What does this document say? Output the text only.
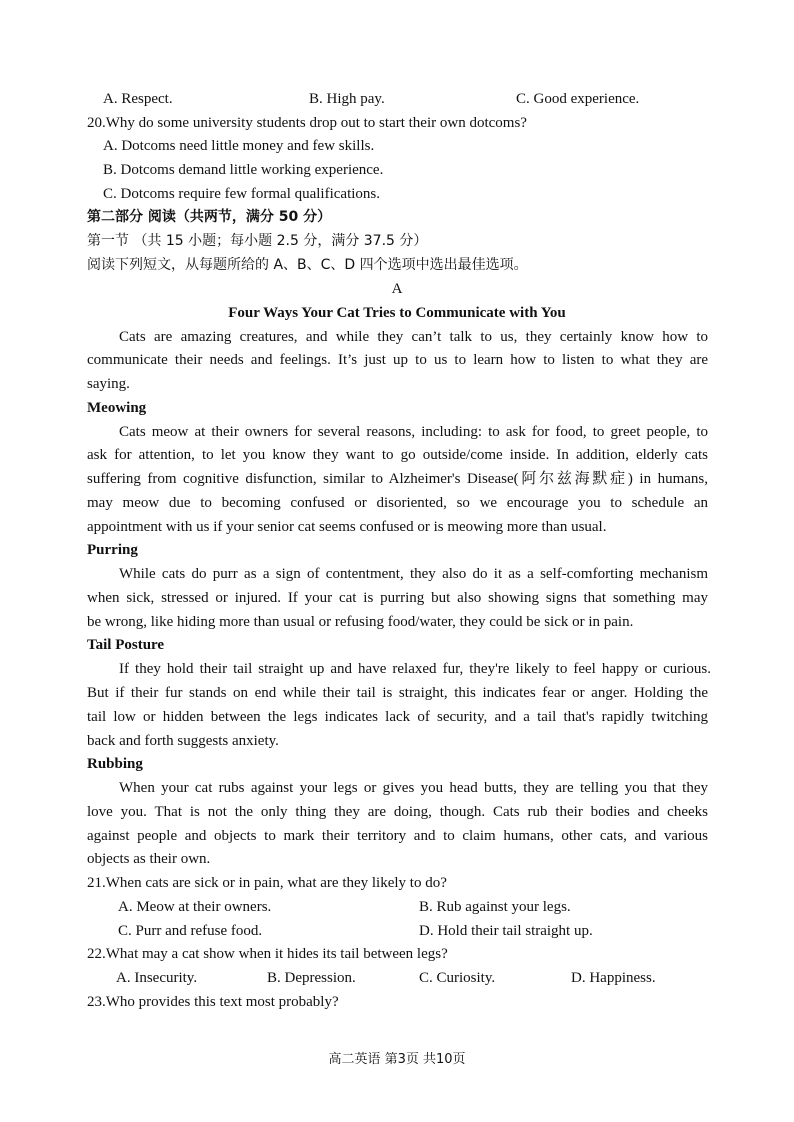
A. Respect.	B. High pay.	C. Good experience.
20.Why do some university students drop out to start their own dotcoms?
A. Dotcoms need little money and few skills.
B. Dotcoms demand little working experience.
C. Dotcoms require few formal qualifications.
第二部分 阅读（共两节，满分 50 分）
第一节 （共 15 小题；每小题 2.5 分，满分 37.5 分）
阅读下列短文，从每题所给的 A、B、C、D 四个选项中选出最佳选项。
A
Four Ways Your Cat Tries to Communicate with You
Cats are amazing creatures, and while they can’t talk to us, they certainly know how to
communicate their needs and feelings. It’s just up to us to learn how to listen to what they are
saying.
Meowing
Cats meow at their owners for several reasons, including: to ask for food, to greet people, to
ask for attention, to let you know they want to go outside/come inside. In addition, elderly cats
suffering from cognitive disfunction, similar to Alzheimer's Disease(阿尔兹海默症) in humans,
may meow due to becoming confused or disoriented, so we encourage you to schedule an
appointment with us if your senior cat seems confused or is meowing more than usual.
Purring
While cats do purr as a sign of contentment, they also do it as a self-comforting mechanism
when sick, stressed or injured. If your cat is purring but also showing signs that something may
be wrong, like hiding more than usual or refusing food/water, they could be sick or in pain.
Tail Posture
If they hold their tail straight up and have relaxed fur, they're likely to feel happy or curious.
But if their fur stands on end while their tail is straight, this indicates fear or anger. Holding the
tail low or hidden between the legs indicates lack of security, and a tail that's rapidly twitching
back and forth suggests anxiety.
Rubbing
When your cat rubs against your legs or gives you head butts, they are telling you that they
love you. That is not the only thing they are doing, though. Cats rub their bodies and cheeks
against people and objects to mark their territory and to claim humans, other cats, and various
objects as their own.
21.When cats are sick or in pain, what are they likely to do?
A. Meow at their owners.	B. Rub against your legs.
C. Purr and refuse food.	D. Hold their tail straight up.
22.What may a cat show when it hides its tail between legs?
A. Insecurity.	B. Depression.	C. Curiosity.	D. Happiness.
23.Who provides this text most probably?
高二英语 第3页 共10页
